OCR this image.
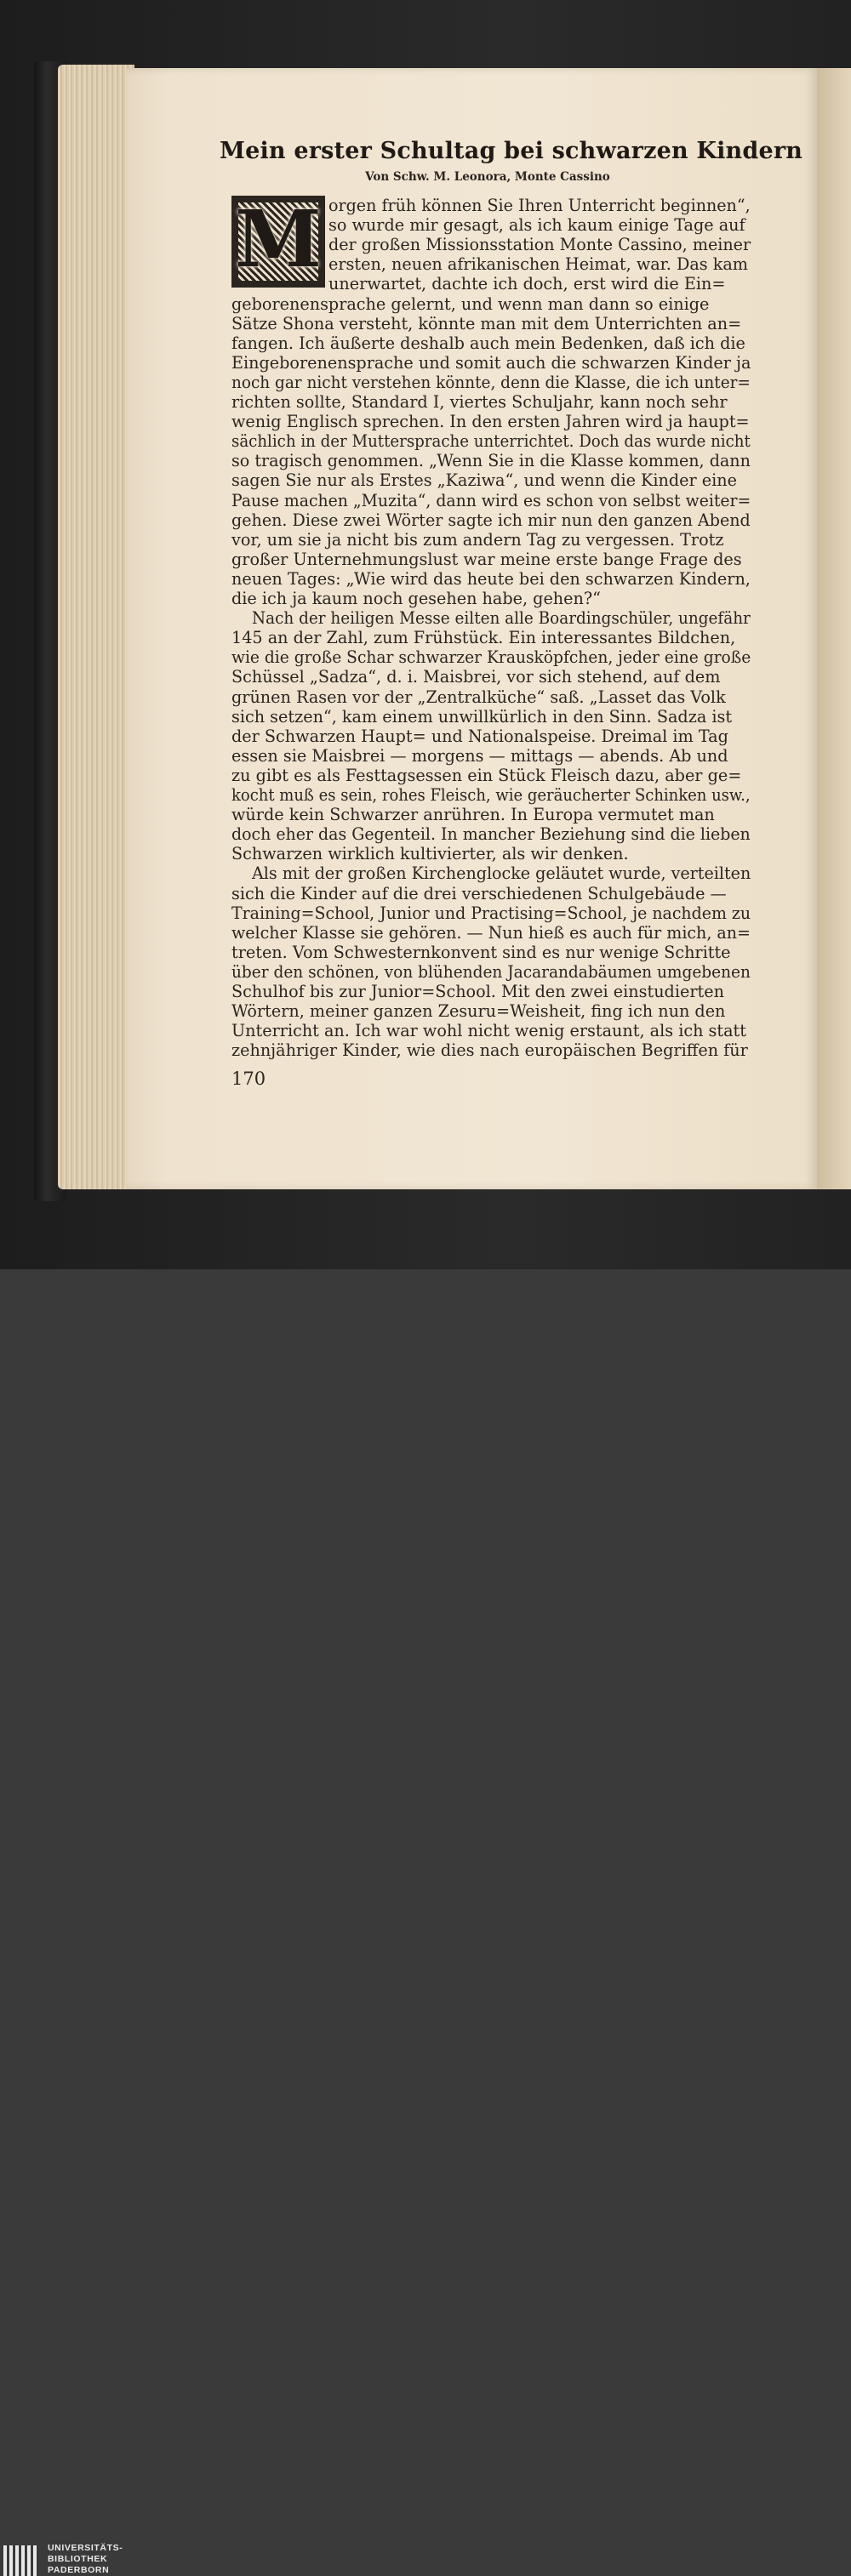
Mein erster Schultag bei schwarzen Kindern
Von Schw. M. Leonora, Monte Cassino
M orgen früh können Sie Ihren Unterricht beginnen“,
so wurde mir gesagt, als ich kaum einige Tage auf
der großen Missionsstation Monte Cassino, meiner
ersten, neuen afrikanischen Heimat, war. Das kam
unerwartet, dachte ich doch, erst wird die Ein=
geborenensprache gelernt, und wenn man dann so einige
Sätze Shona versteht, könnte man mit dem Unterrichten an=
fangen. Ich äußerte deshalb auch mein Bedenken, daß ich die
Eingeborenensprache und somit auch die schwarzen Kinder ja
noch gar nicht verstehen könnte, denn die Klasse, die ich unter=
richten sollte, Standard I, viertes Schuljahr, kann noch sehr
wenig Englisch sprechen. In den ersten Jahren wird ja haupt=
sächlich in der Muttersprache unterrichtet. Doch das wurde nicht
so tragisch genommen. „Wenn Sie in die Klasse kommen, dann
sagen Sie nur als Erstes „Kaziwa“, und wenn die Kinder eine
Pause machen „Muzita“, dann wird es schon von selbst weiter=
gehen. Diese zwei Wörter sagte ich mir nun den ganzen Abend
vor, um sie ja nicht bis zum andern Tag zu vergessen. Trotz
großer Unternehmungslust war meine erste bange Frage des
neuen Tages: „Wie wird das heute bei den schwarzen Kindern,
die ich ja kaum noch gesehen habe, gehen?“
Nach der heiligen Messe eilten alle Boardingschüler, ungefähr
145 an der Zahl, zum Frühstück. Ein interessantes Bildchen,
wie die große Schar schwarzer Krausköpfchen, jeder eine große
Schüssel „Sadza“, d. i. Maisbrei, vor sich stehend, auf dem
grünen Rasen vor der „Zentralküche“ saß. „Lasset das Volk
sich setzen“, kam einem unwillkürlich in den Sinn. Sadza ist
der Schwarzen Haupt= und Nationalspeise. Dreimal im Tag
essen sie Maisbrei — morgens — mittags — abends. Ab und
zu gibt es als Festtagsessen ein Stück Fleisch dazu, aber ge=
kocht muß es sein, rohes Fleisch, wie geräucherter Schinken usw.,
würde kein Schwarzer anrühren. In Europa vermutet man
doch eher das Gegenteil. In mancher Beziehung sind die lieben
Schwarzen wirklich kultivierter, als wir denken.
Als mit der großen Kirchenglocke geläutet wurde, verteilten
sich die Kinder auf die drei verschiedenen Schulgebäude —
Training=School, Junior und Practising=School, je nachdem zu
welcher Klasse sie gehören. — Nun hieß es auch für mich, an=
treten. Vom Schwesternkonvent sind es nur wenige Schritte
über den schönen, von blühenden Jacarandabäumen umgebenen
Schulhof bis zur Junior=School. Mit den zwei einstudierten
Wörtern, meiner ganzen Zesuru=Weisheit, fing ich nun den
Unterricht an. Ich war wohl nicht wenig erstaunt, als ich statt
zehnjähriger Kinder, wie dies nach europäischen Begriffen für
170
UNIVERSITÄTS-
BIBLIOTHEK
PADERBORN
